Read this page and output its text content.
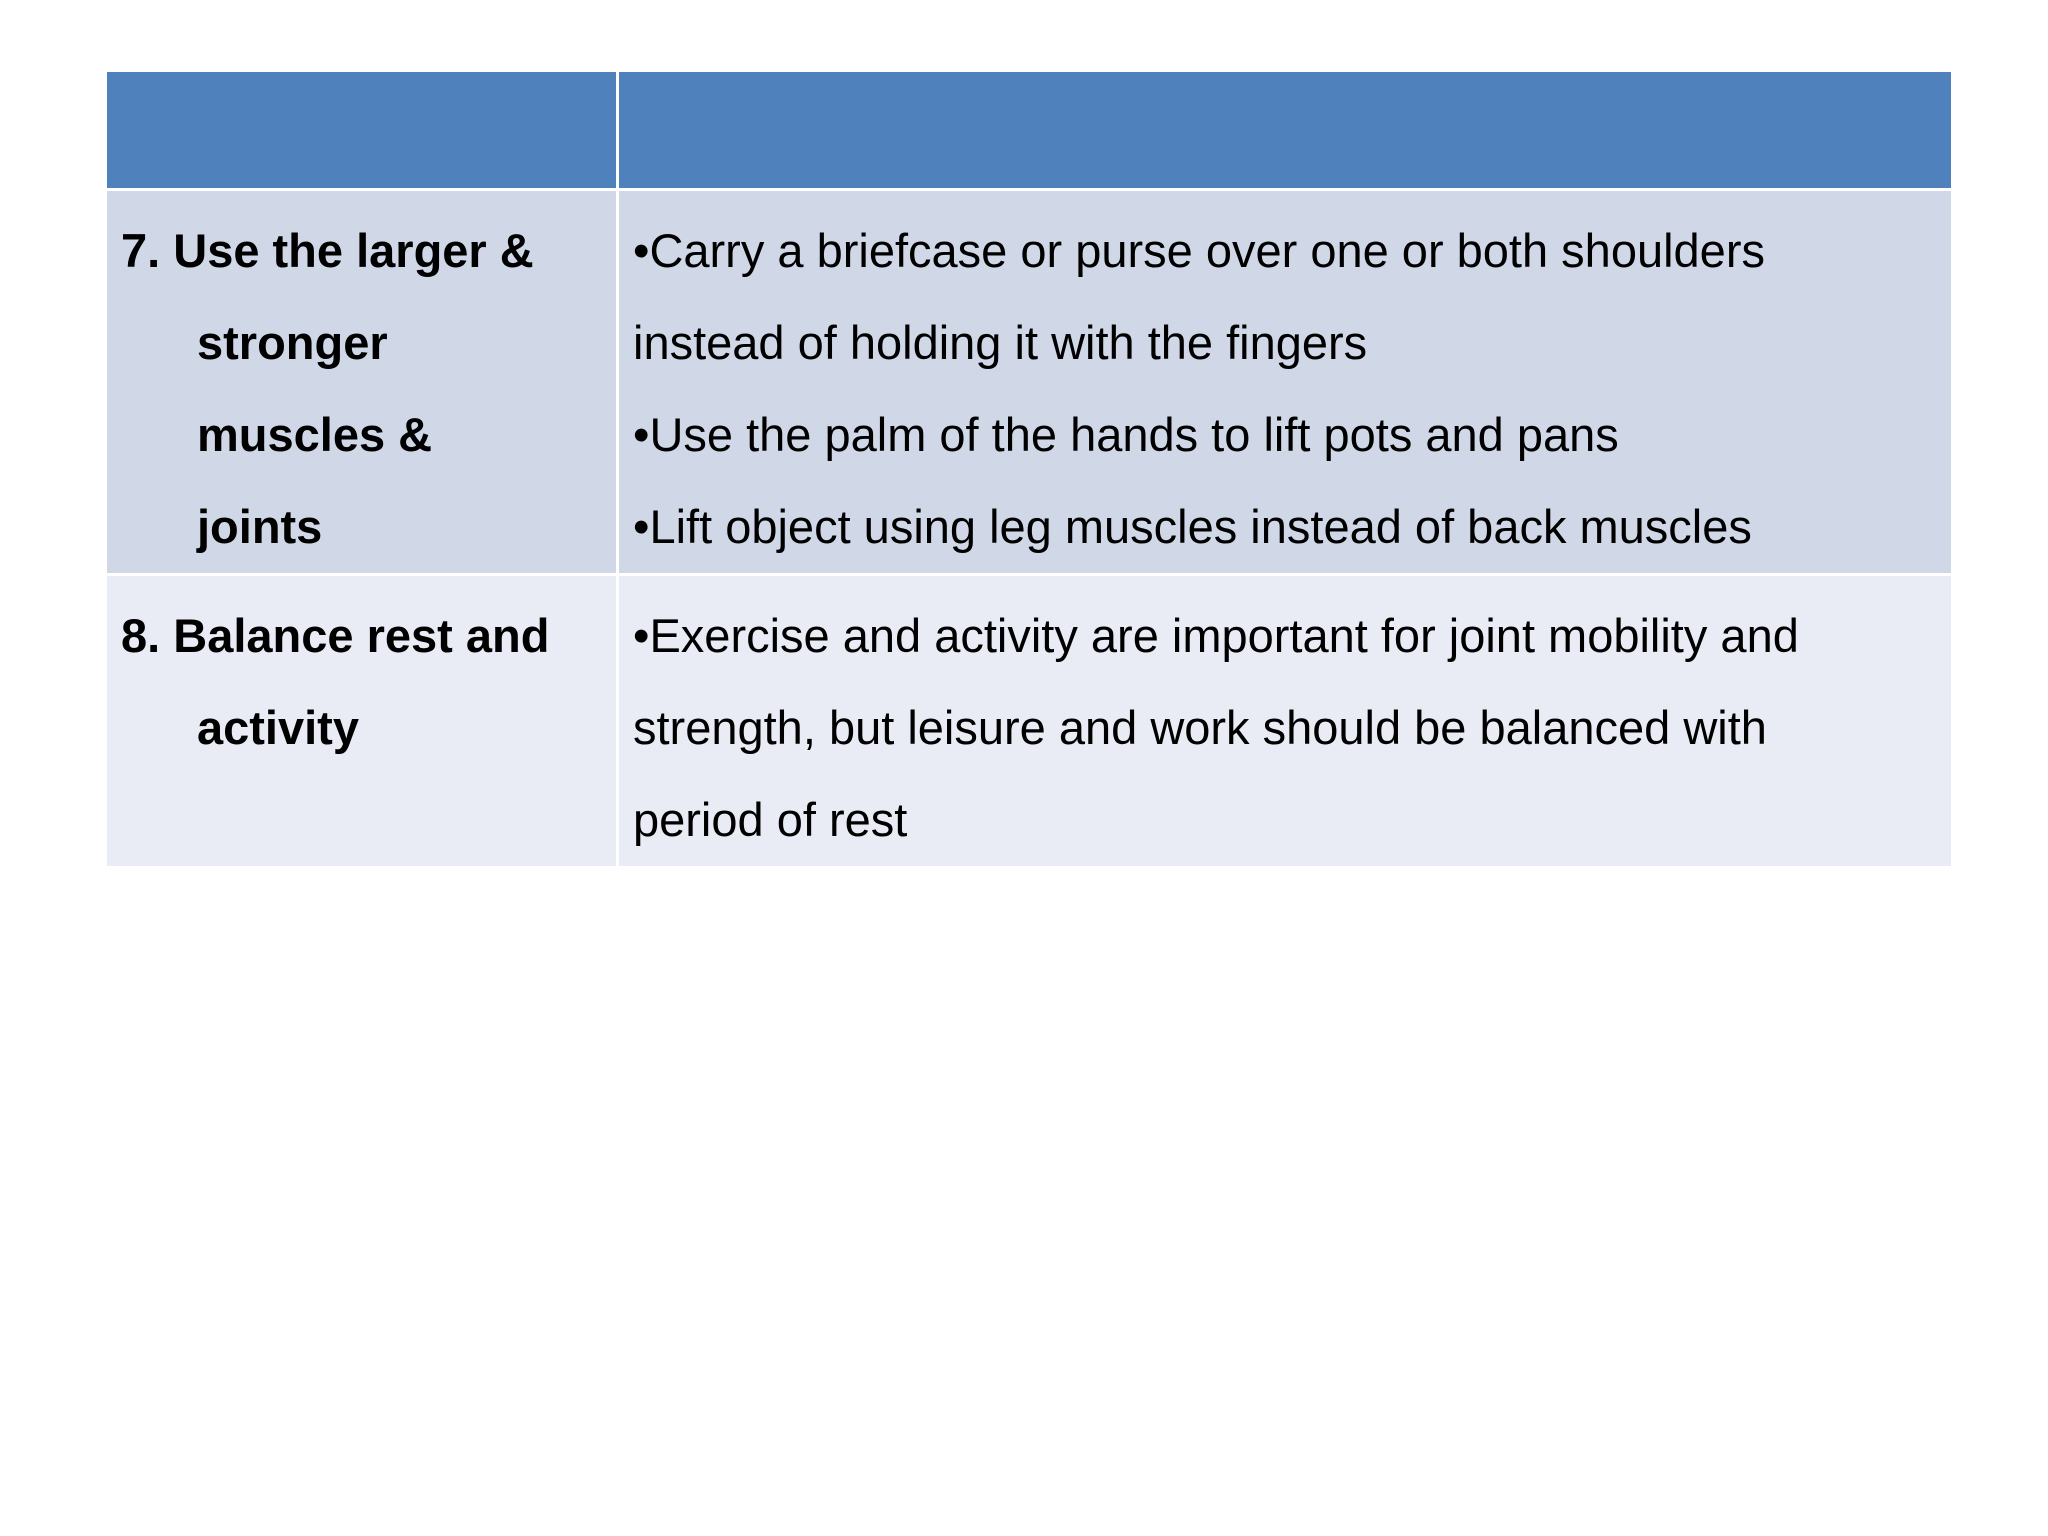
7. Use the larger &
stronger
muscles &
joints	•Carry a briefcase or purse over one or both shoulders
instead of holding it with the fingers
•Use the palm of the hands to lift pots and pans
•Lift object using leg muscles instead of back muscles

8. Balance rest and
activity	•Exercise and activity are important for joint mobility and
strength, but leisure and work should be balanced with
period of rest
